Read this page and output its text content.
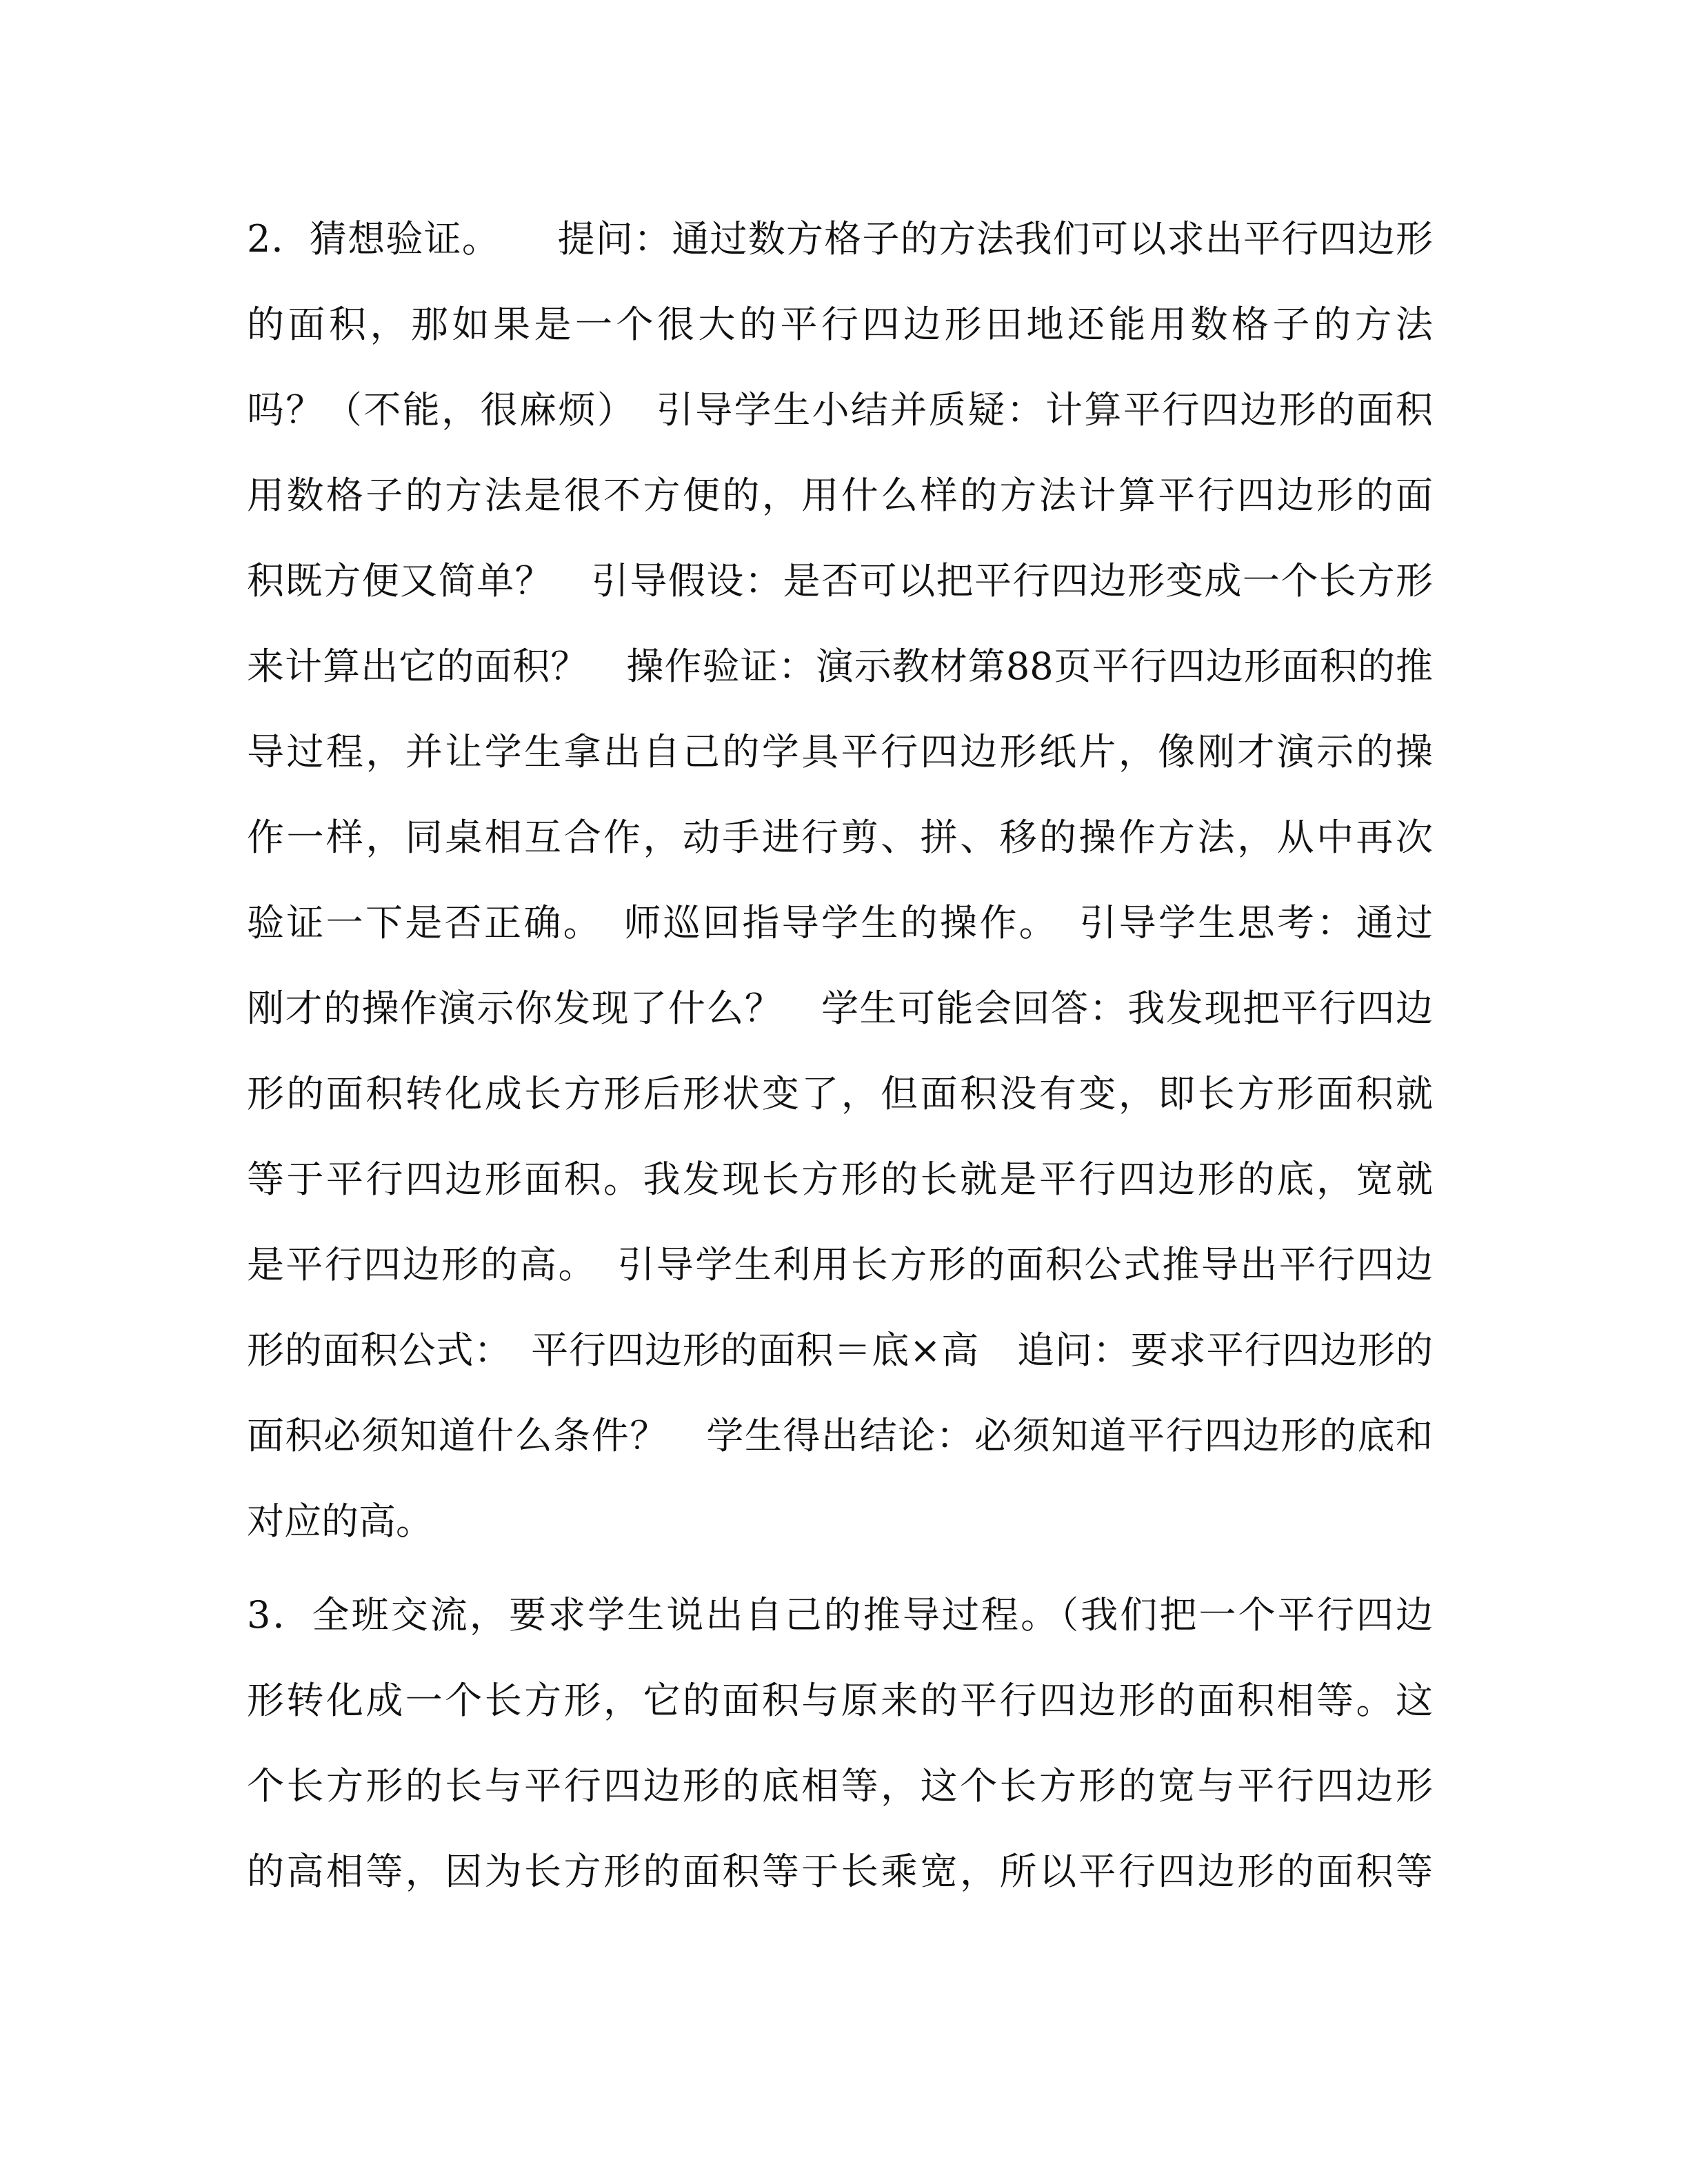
2．猜想验证。　　提问：通过数方格子的方法我们可以求出平行四边形
的面积，那如果是一个很大的平行四边形田地还能用数格子的方法
吗？（不能，很麻烦）　引导学生小结并质疑：计算平行四边形的面积
用数格子的方法是很不方便的，用什么样的方法计算平行四边形的面
积既方便又简单？　引导假设：是否可以把平行四边形变成一个长方形
来计算出它的面积？　操作验证：演示教材第88页平行四边形面积的推
导过程，并让学生拿出自己的学具平行四边形纸片，像刚才演示的操
作一样，同桌相互合作，动手进行剪、拼、移的操作方法，从中再次
验证一下是否正确。　师巡回指导学生的操作。　引导学生思考：通过
刚才的操作演示你发现了什么？　学生可能会回答：我发现把平行四边
形的面积转化成长方形后形状变了，但面积没有变，即长方形面积就
等于平行四边形面积。我发现长方形的长就是平行四边形的底，宽就
是平行四边形的高。　引导学生利用长方形的面积公式推导出平行四边
形的面积公式：　平行四边形的面积＝底×高　追问：要求平行四边形的
面积必须知道什么条件？　学生得出结论：必须知道平行四边形的底和
对应的高。
3．全班交流，要求学生说出自己的推导过程。（我们把一个平行四边
形转化成一个长方形，它的面积与原来的平行四边形的面积相等。这
个长方形的长与平行四边形的底相等，这个长方形的宽与平行四边形
的高相等，因为长方形的面积等于长乘宽，所以平行四边形的面积等
